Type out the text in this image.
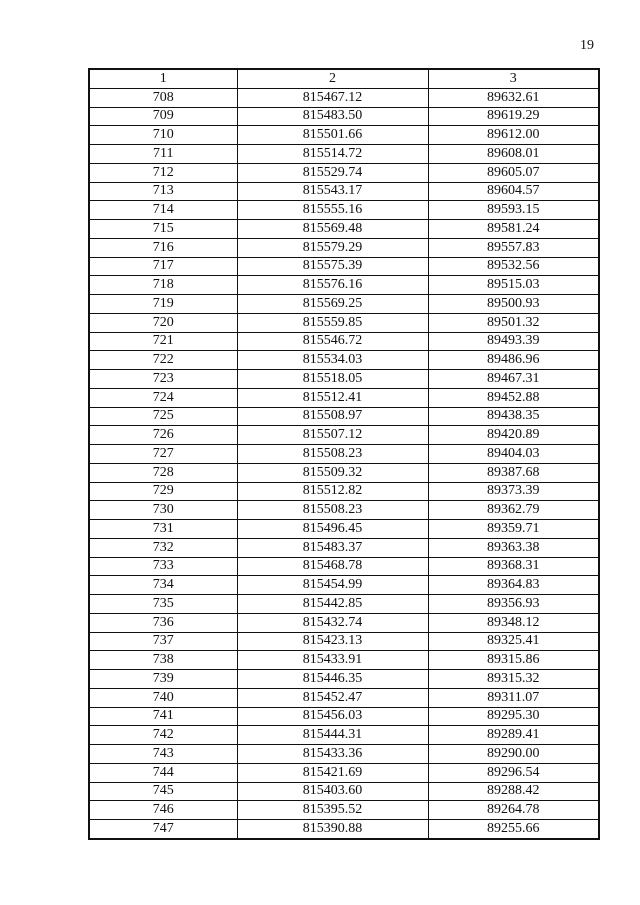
19
1	2	3
708	815467.12	89632.61
709	815483.50	89619.29
710	815501.66	89612.00
711	815514.72	89608.01
712	815529.74	89605.07
713	815543.17	89604.57
714	815555.16	89593.15
715	815569.48	89581.24
716	815579.29	89557.83
717	815575.39	89532.56
718	815576.16	89515.03
719	815569.25	89500.93
720	815559.85	89501.32
721	815546.72	89493.39
722	815534.03	89486.96
723	815518.05	89467.31
724	815512.41	89452.88
725	815508.97	89438.35
726	815507.12	89420.89
727	815508.23	89404.03
728	815509.32	89387.68
729	815512.82	89373.39
730	815508.23	89362.79
731	815496.45	89359.71
732	815483.37	89363.38
733	815468.78	89368.31
734	815454.99	89364.83
735	815442.85	89356.93
736	815432.74	89348.12
737	815423.13	89325.41
738	815433.91	89315.86
739	815446.35	89315.32
740	815452.47	89311.07
741	815456.03	89295.30
742	815444.31	89289.41
743	815433.36	89290.00
744	815421.69	89296.54
745	815403.60	89288.42
746	815395.52	89264.78
747	815390.88	89255.66
